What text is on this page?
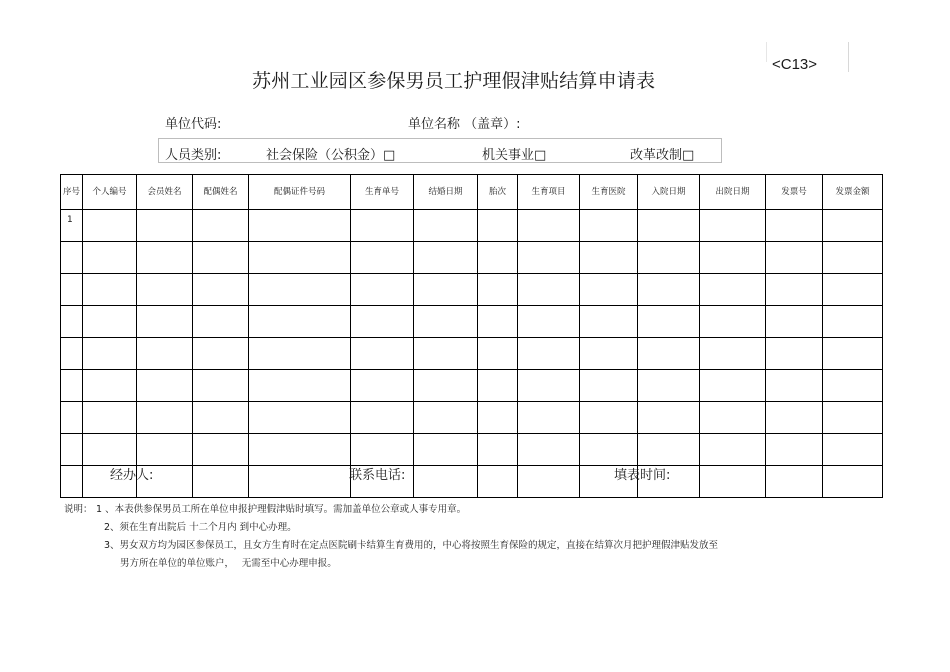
<C13>
苏州工业园区参保男员工护理假津贴结算申请表
单位代码:	单位名称 （盖章）:
人员类别:	社会保险（公积金）□	机关事业□	改革改制□
序号	个人编号	会员姓名	配偶姓名	配偶证件号码	生育单号	结婚日期	胎次	生育项目	生育医院	入院日期	出院日期	发票号	发票金额
1													

经办人:	联系电话:	填表时间:
说明： 1 、本表供参保男员工所在单位申报护理假津贴时填写。需加盖单位公章或人事专用章。
2、须在生育出院后 十二个月内 到中心办理。
3、男女双方均为园区参保员工，且女方生育时在定点医院刷卡结算生育费用的，中心将按照生育保险的规定，直接在结算次月把护理假津贴发放至
男方所在单位的单位账户，　 无需至中心办理申报。
